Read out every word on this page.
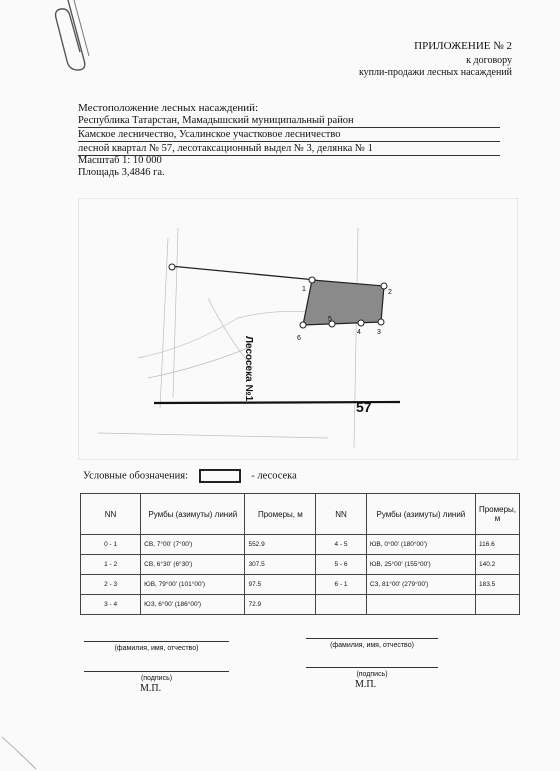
ПРИЛОЖЕНИЕ № 2
к договору
купли-продажи лесных насаждений
Местоположение лесных насаждений:
Республика Татарстан, Мамадышский муниципальный район
Камское лесничество, Усалинское участковое лесничество
лесной квартал № 57, лесотаксационный выдел № 3, делянка № 1
Масштаб 1: 10 000
Площадь 3,4846 га.
1	2
3
4
5
6
Лесосека №1
57
Условные обозначения:	- лесосека
NN	Румбы (азимуты) линий	Промеры, м	NN	Румбы (азимуты) линий	Промеры, м
0 - 1	СВ, 7°00' (7°00')	552.9	4 - 5	ЮВ, 0°00' (180°00')	116.6
1 - 2	СВ, 6°30' (6°30')	307.5	5 - 6	ЮВ, 25°00' (155°00')	140.2
2 - 3	ЮВ, 79°00' (101°00')	97.5	6 - 1	СЗ, 81°00' (279°00')	183.5
3 - 4	ЮЗ, 6°00' (186°00')	72.9			
(фамилия, имя, отчество)
(подпись)
М.П.
(фамилия, имя, отчество)
(подпись)
М.П.
